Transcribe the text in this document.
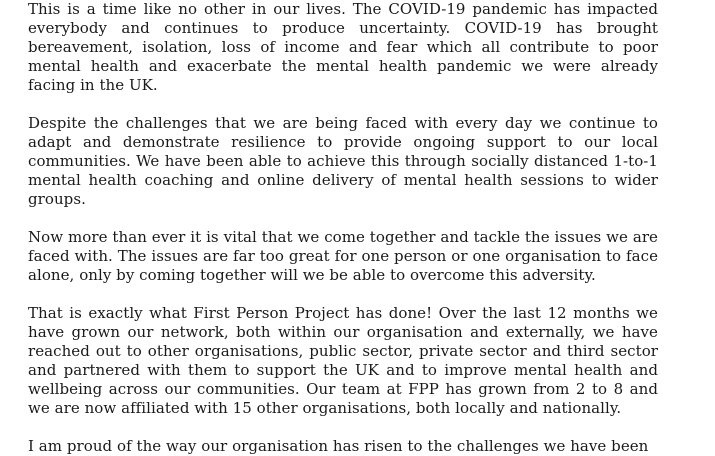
This is a time like no other in our lives. The COVID-19 pandemic has impacted everybody and continues to produce uncertainty. COVID-19 has brought bereavement, isolation, loss of income and fear which all contribute to poor mental health and exacerbate the mental health pandemic we were already facing in the UK.

Despite the challenges that we are being faced with every day we continue to adapt and demonstrate resilience to provide ongoing support to our local communities. We have been able to achieve this through socially distanced 1-to-1 mental health coaching and online delivery of mental health sessions to wider groups.

Now more than ever it is vital that we come together and tackle the issues we are faced with. The issues are far too great for one person or one organisation to face alone, only by coming together will we be able to overcome this adversity.

That is exactly what First Person Project has done! Over the last 12 months we have grown our network, both within our organisation and externally, we have reached out to other organisations, public sector, private sector and third sector and partnered with them to support the UK and to improve mental health and wellbeing across our communities. Our team at FPP has grown from 2 to 8 and we are now affiliated with 15 other organisations, both locally and nationally.

I am proud of the way our organisation has risen to the challenges we have been
